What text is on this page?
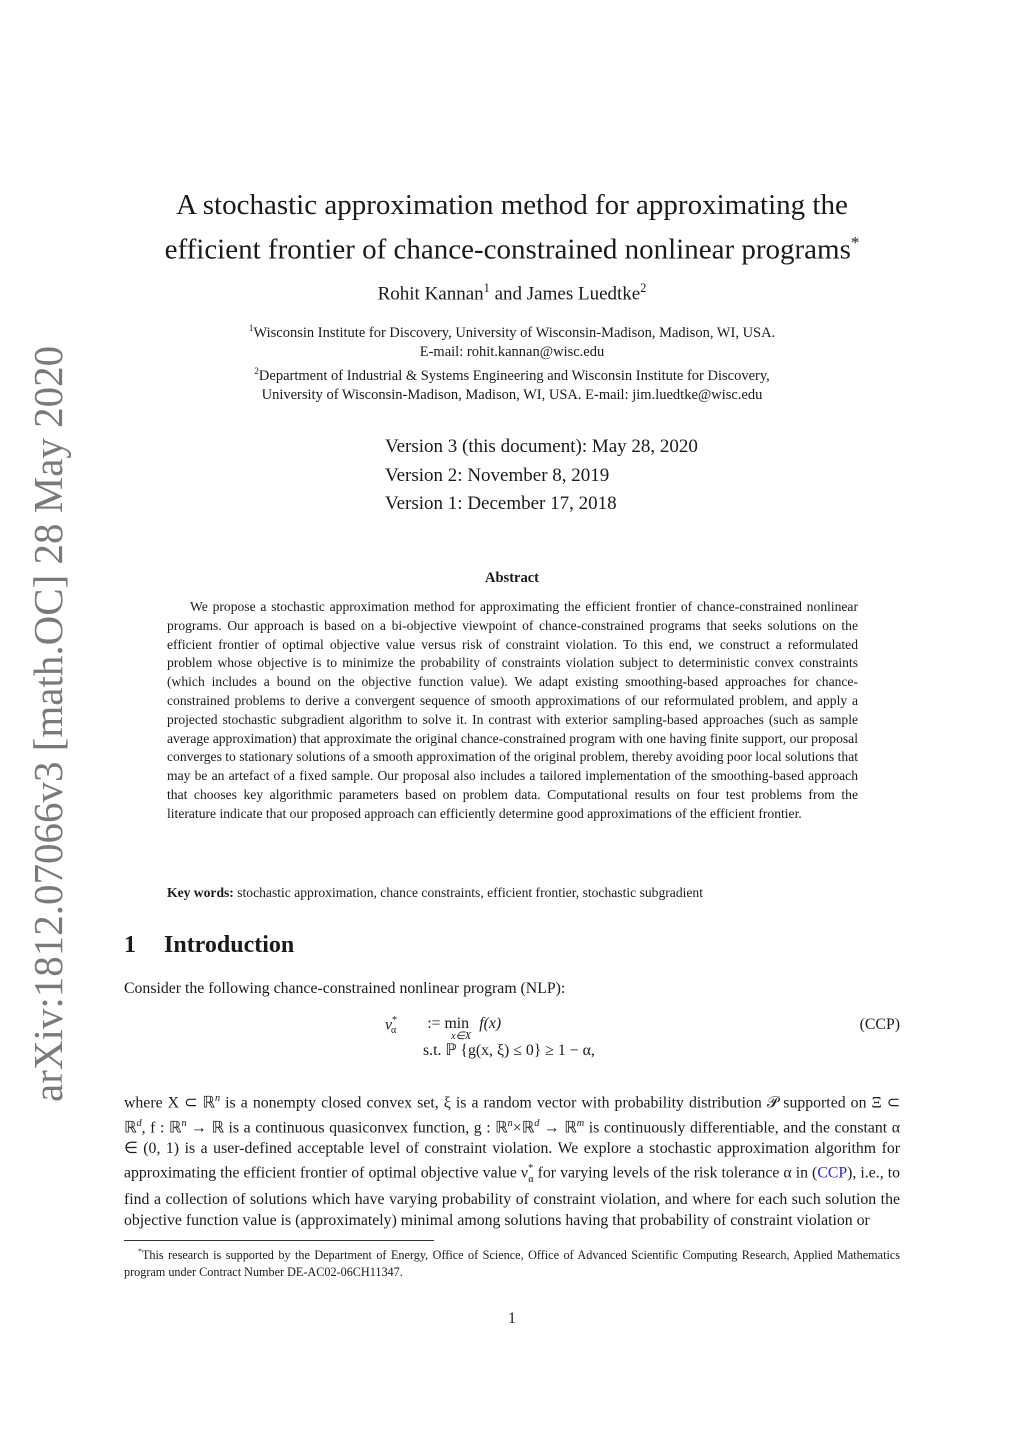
arXiv:1812.07066v3 [math.OC] 28 May 2020
A stochastic approximation method for approximating the
efficient frontier of chance-constrained nonlinear programs*
Rohit Kannan$^1$ and James Luedtke$^2$
$^1$Wisconsin Institute for Discovery, University of Wisconsin-Madison, Madison, WI, USA.
E-mail: rohit.kannan@wisc.edu
$^2$Department of Industrial & Systems Engineering and Wisconsin Institute for Discovery,
University of Wisconsin-Madison, Madison, WI, USA. E-mail: jim.luedtke@wisc.edu
Version 3 (this document): May 28, 2020
Version 2: November 8, 2019
Version 1: December 17, 2018
Abstract
We propose a stochastic approximation method for approximating the efficient frontier of chance-constrained nonlinear programs. Our approach is based on a bi-objective viewpoint of chance-constrained programs that seeks solutions on the efficient frontier of optimal objective value versus risk of constraint violation. To this end, we construct a reformulated problem whose objective is to minimize the probability of constraints violation subject to deterministic convex constraints (which includes a bound on the objective function value). We adapt existing smoothing-based approaches for chance-constrained problems to derive a convergent sequence of smooth approximations of our reformulated problem, and apply a projected stochastic subgradient algorithm to solve it. In contrast with exterior sampling-based approaches (such as sample average approximation) that approximate the original chance-constrained program with one having finite support, our proposal converges to stationary solutions of a smooth approximation of the original problem, thereby avoiding poor local solutions that may be an artefact of a fixed sample. Our proposal also includes a tailored implementation of the smoothing-based approach that chooses key algorithmic parameters based on problem data. Computational results on four test problems from the literature indicate that our proposed approach can efficiently determine good approximations of the efficient frontier.
Key words: stochastic approximation, chance constraints, efficient frontier, stochastic subgradient
1 Introduction
Consider the following chance-constrained nonlinear program (NLP):
$\nu^*_\alpha$	:= min
x∈X
f(x)
s.t. ℙ {g(x, ξ) ≤ 0} ≥ 1 − α,
(CCP)
where X ⊂ ℝ$^n$ is a nonempty closed convex set, ξ is a random vector with probability distribution 𝒫 supported on Ξ ⊂ ℝ$^d$, f : ℝ$^n$ → ℝ is a continuous quasiconvex function, g : ℝ$^n$×ℝ$^d$ → ℝ$^m$ is continuously differentiable, and the constant α ∈ (0, 1) is a user-defined acceptable level of constraint violation. We explore a stochastic approximation algorithm for approximating the efficient frontier of optimal objective value $\nu^*_\alpha$ for varying levels of the risk tolerance α in (CCP), i.e., to find a collection of solutions which have varying probability of constraint violation, and where for each such solution the objective function value is (approximately) minimal among solutions having that probability of constraint violation or
*This research is supported by the Department of Energy, Office of Science, Office of Advanced Scientific Computing Research, Applied Mathematics program under Contract Number DE-AC02-06CH11347.
1
